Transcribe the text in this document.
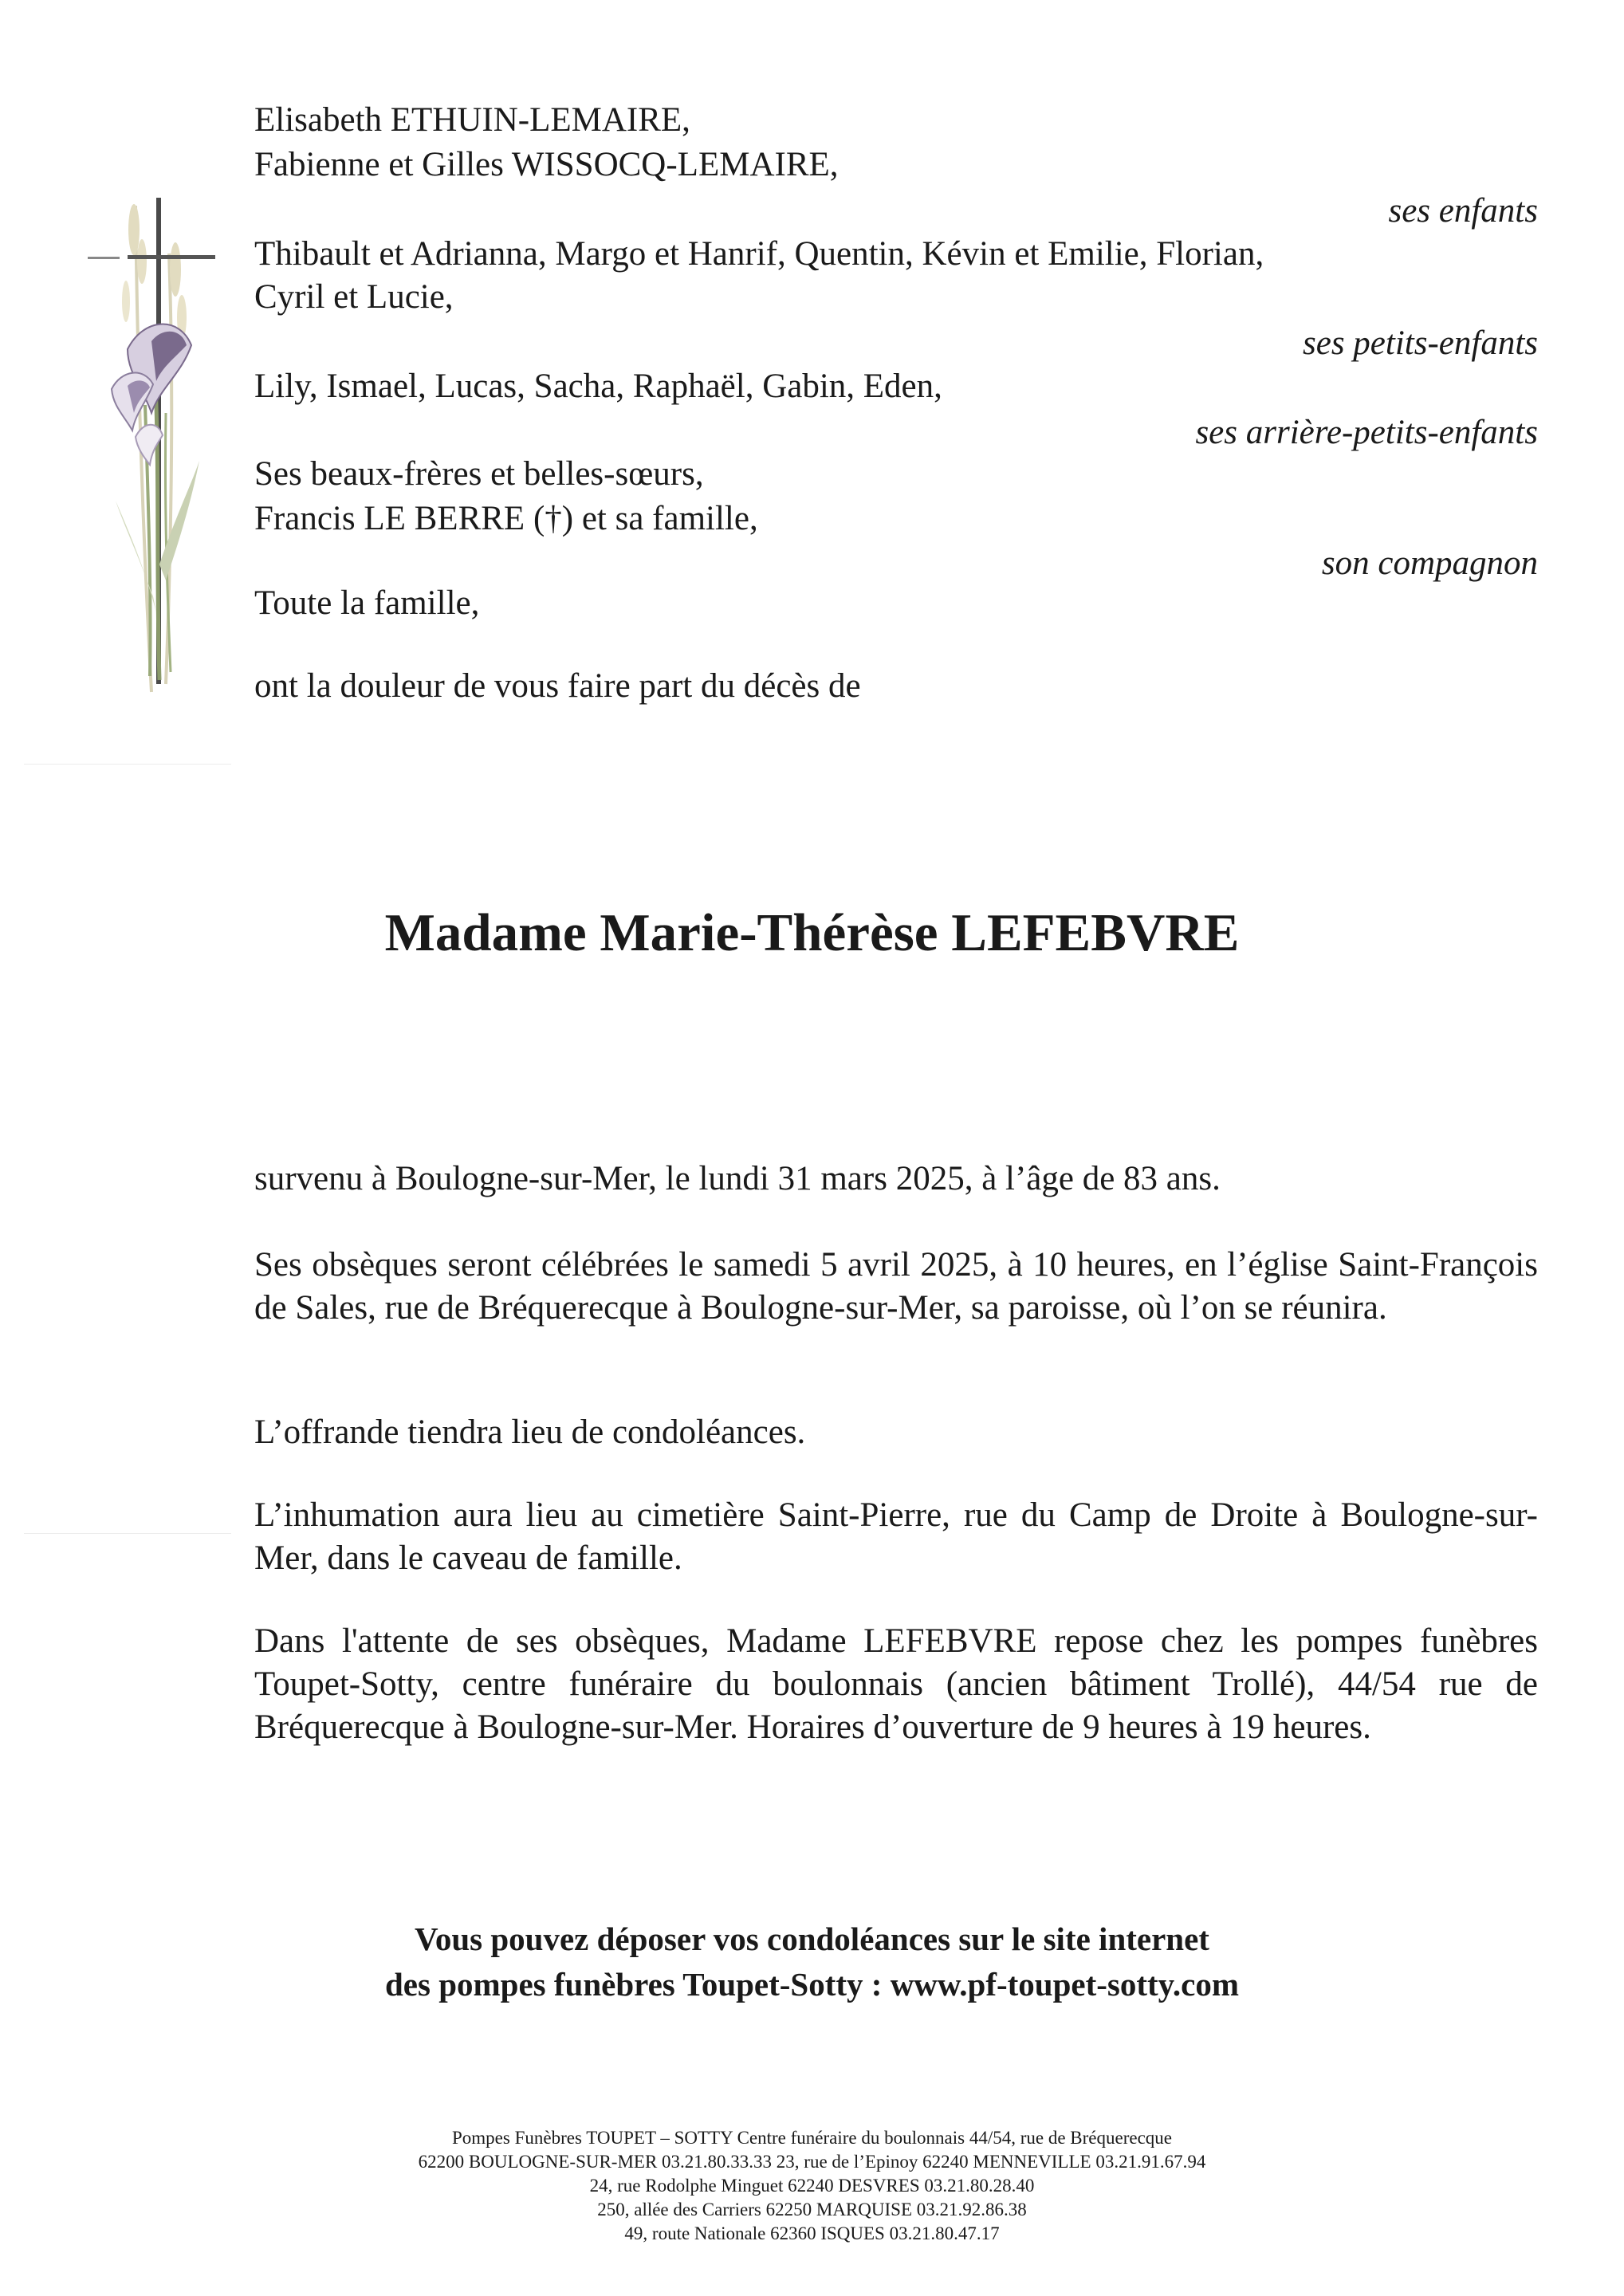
Elisabeth ETHUIN-LEMAIRE,
Fabienne et Gilles WISSOCQ-LEMAIRE,
ses enfants
Thibault et Adrianna, Margo et Hanrif, Quentin, Kévin et Emilie, Florian,
Cyril et Lucie,
ses petits-enfants
Lily, Ismael, Lucas, Sacha, Raphaël, Gabin, Eden,
ses arrière-petits-enfants
Ses beaux-frères et belles-sœurs,
Francis LE BERRE (†) et sa famille,
son compagnon
Toute la famille,
ont la douleur de vous faire part du décès de
Madame Marie-Thérèse LEFEBVRE
survenu à Boulogne-sur-Mer, le lundi 31 mars 2025, à l’âge de 83 ans.
Ses obsèques seront célébrées le samedi 5 avril 2025, à 10 heures, en l’église Saint-François de Sales, rue de Bréquerecque à Boulogne-sur-Mer, sa paroisse, où l’on se réunira.
L’offrande tiendra lieu de condoléances.
L’inhumation aura lieu au cimetière Saint-Pierre, rue du Camp de Droite à Boulogne-sur-Mer, dans le caveau de famille.
Dans l'attente de ses obsèques, Madame LEFEBVRE repose chez les pompes funèbres Toupet-Sotty, centre funéraire du boulonnais (ancien bâtiment Trollé), 44/54 rue de Bréquerecque à Boulogne-sur-Mer. Horaires d’ouverture de 9 heures à 19 heures.
Vous pouvez déposer vos condoléances sur le site internet
des pompes funèbres Toupet-Sotty : www.pf-toupet-sotty.com
Pompes Funèbres TOUPET – SOTTY Centre funéraire du boulonnais 44/54, rue de Bréquerecque
62200 BOULOGNE-SUR-MER 03.21.80.33.33 23, rue de l’Epinoy 62240 MENNEVILLE 03.21.91.67.94
24, rue Rodolphe Minguet 62240 DESVRES 03.21.80.28.40
250, allée des Carriers 62250 MARQUISE 03.21.92.86.38
49, route Nationale 62360 ISQUES 03.21.80.47.17
